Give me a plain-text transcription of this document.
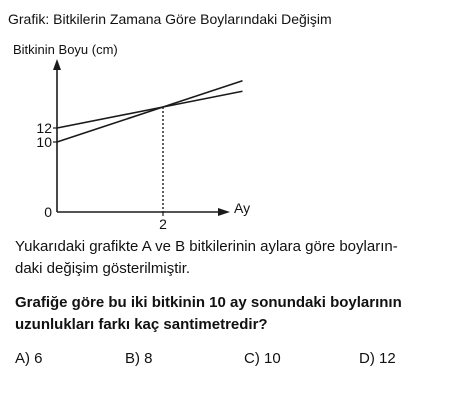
Bitkinin Boyu (cm)
Ay
0
10
12
2
Grafik: Bitkilerin Zamana Göre Boylarındaki Değişim
Yukarıdaki grafikte A ve B bitkilerinin aylara göre boyların-
daki değişim gösterilmiştir.
Grafiğe göre bu iki bitkinin 10 ay sonundaki boylarının uzunlukları farkı kaç santimetredir?
A) 6	B) 8	C) 10	D) 12
